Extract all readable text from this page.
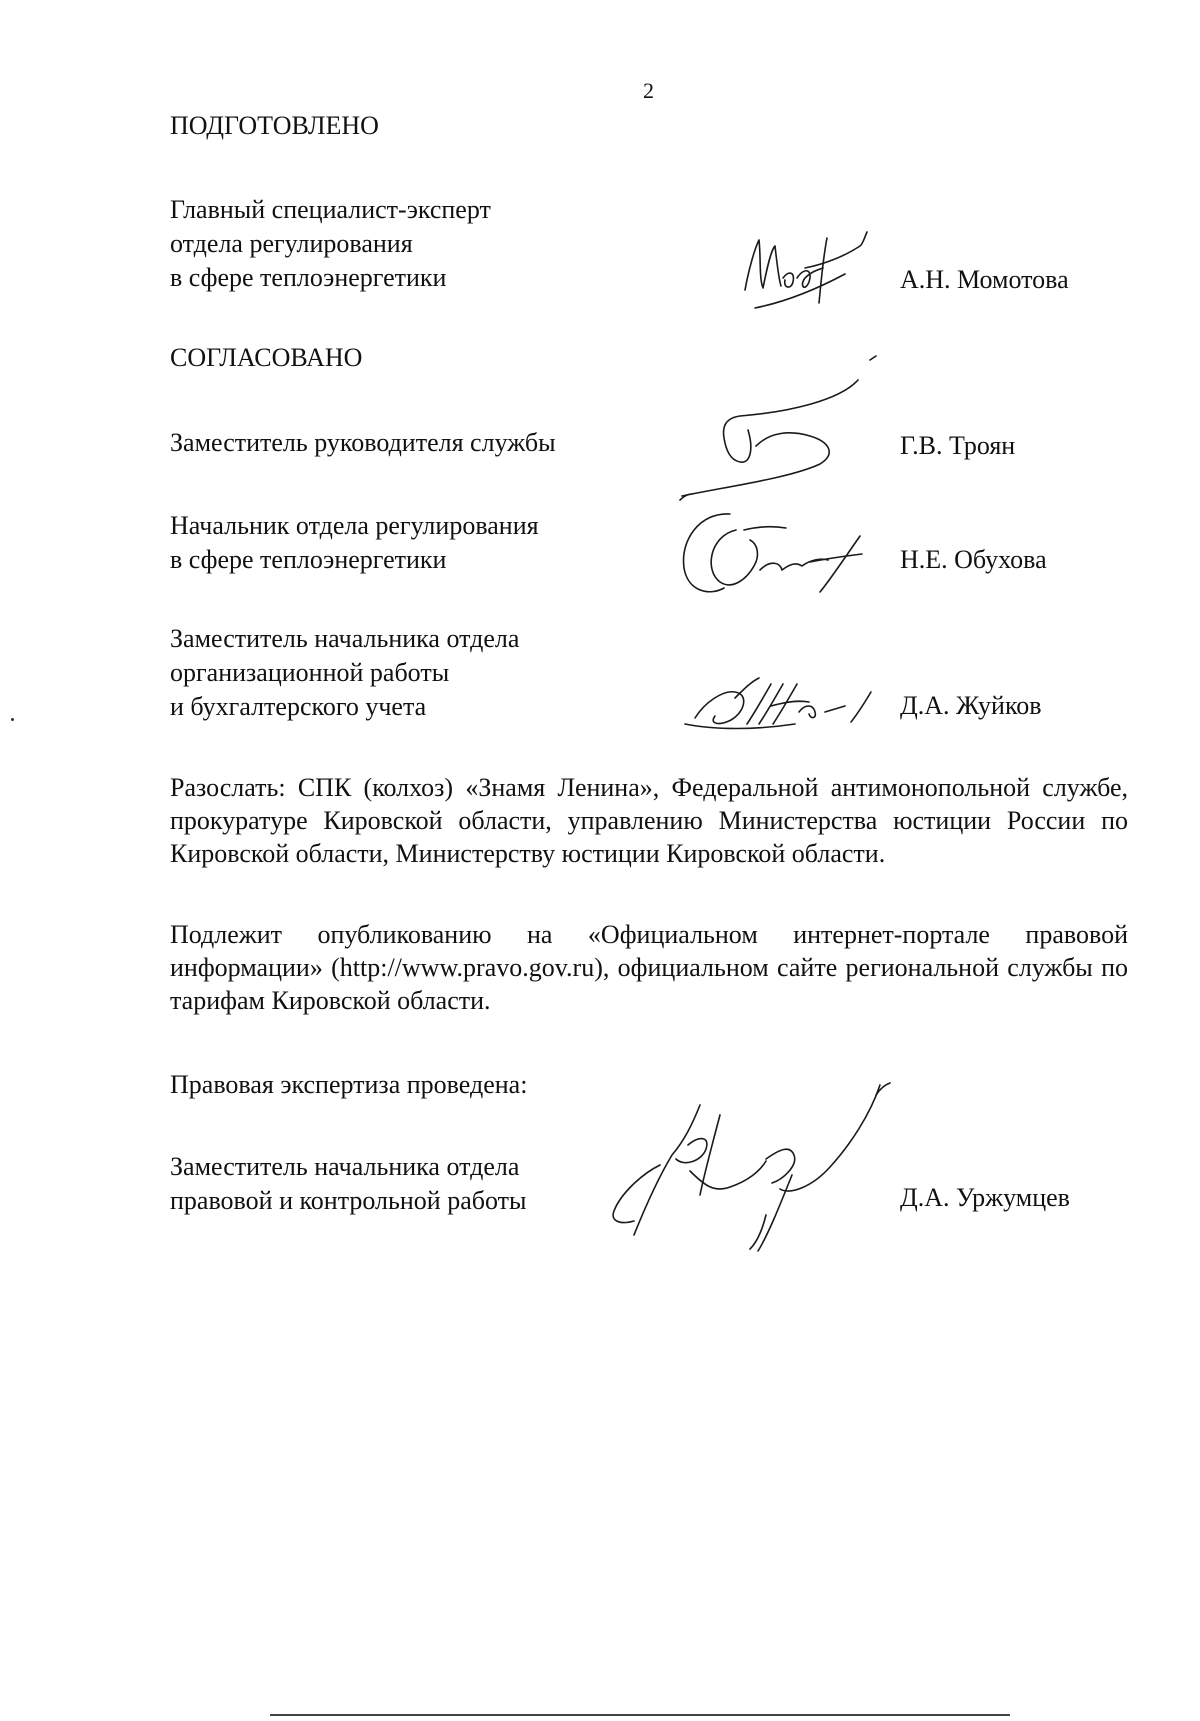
2
ПОДГОТОВЛЕНО
Главный специалист-эксперт
отдела регулирования
в сфере теплоэнергетики	А.Н. Момотова
СОГЛАСОВАНО
Заместитель руководителя службы	Г.В. Троян
Начальник отдела регулирования
в сфере теплоэнергетики	Н.Е. Обухова
Заместитель начальника отдела
организационной работы
и бухгалтерского учета	Д.А. Жуйков
Разослать: СПК (колхоз) «Знамя Ленина», Федеральной антимонопольной службе, прокуратуре Кировской области, управлению Министерства юстиции России по Кировской области, Министерству юстиции Кировской области.
Подлежит опубликованию на «Официальном интернет-портале правовой информации» (http://www.pravo.gov.ru), официальном сайте региональной службы по тарифам Кировской области.
Правовая экспертиза проведена:
Заместитель начальника отдела
правовой и контрольной работы	Д.А. Уржумцев
